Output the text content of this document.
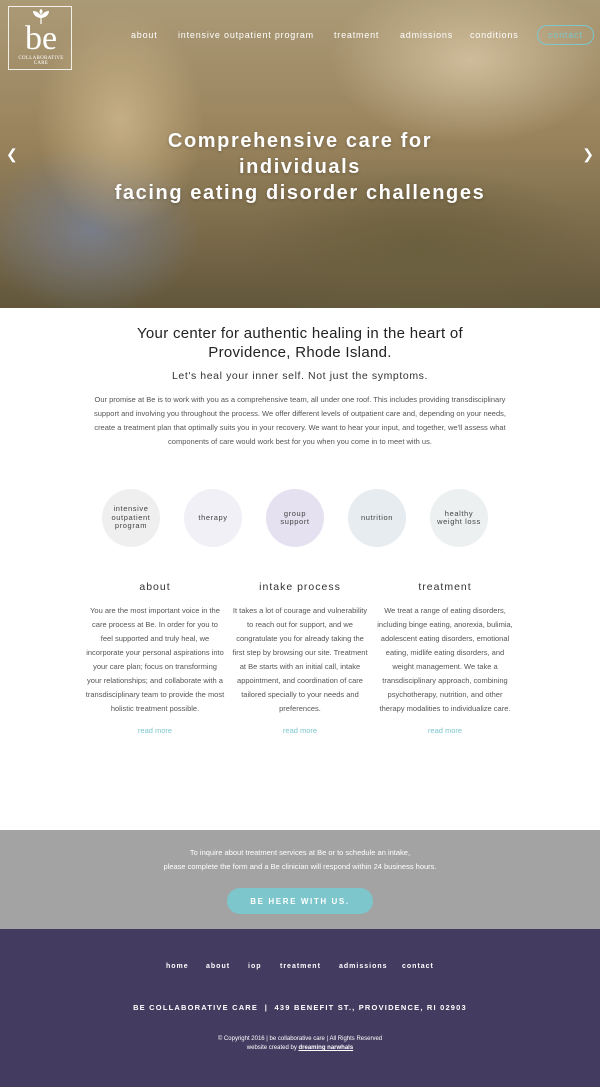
be
COLLABORATIVE CARE
about intensive outpatient program treatment admissions conditions	contact
❮	❯
Comprehensive care for
individuals
facing eating disorder challenges
Your center for authentic healing in the heart of
Providence, Rhode Island.
Let's heal your inner self. Not just the symptoms.

Our promise at Be is to work with you as a comprehensive team, all under one roof. This includes providing transdisciplinary support and involving you throughout the process. We offer different levels of outpatient care and, depending on your needs, create a treatment plan that optimally suits you in your recovery. We want to hear your input, and together, we'll assess what components of care would work best for you when you come in to meet with us.

intensive outpatient program
therapy	group support	nutrition	healthy weight loss
about

You are the most important voice in the care process at Be. In order for you to feel supported and truly heal, we incorporate your personal aspirations into your care plan; focus on transforming your relationships; and collaborate with a transdisciplinary team to provide the most holistic treatment possible.

read more
intake process

It takes a lot of courage and vulnerability to reach out for support, and we congratulate you for already taking the first step by browsing our site. Treatment at Be starts with an initial call, intake appointment, and coordination of care tailored specially to your needs and preferences.

read more
treatment

We treat a range of eating disorders, including binge eating, anorexia, bulimia, adolescent eating disorders, emotional eating, midlife eating disorders, and weight management. We take a transdisciplinary approach, combining psychotherapy, nutrition, and other therapy modalities to individualize care.

read more

To inquire about treatment services at Be or to schedule an intake,
please complete the form and a Be clinician will respond within 24 business hours.

BE HERE WITH US.
home about	iop	treatment	admissions contact
BE COLLABORATIVE CARE  |  439 BENEFIT ST., PROVIDENCE, RI 02903
© Copyright 2016 | be collaborative care | All Rights Reserved
website created by dreaming narwhals
